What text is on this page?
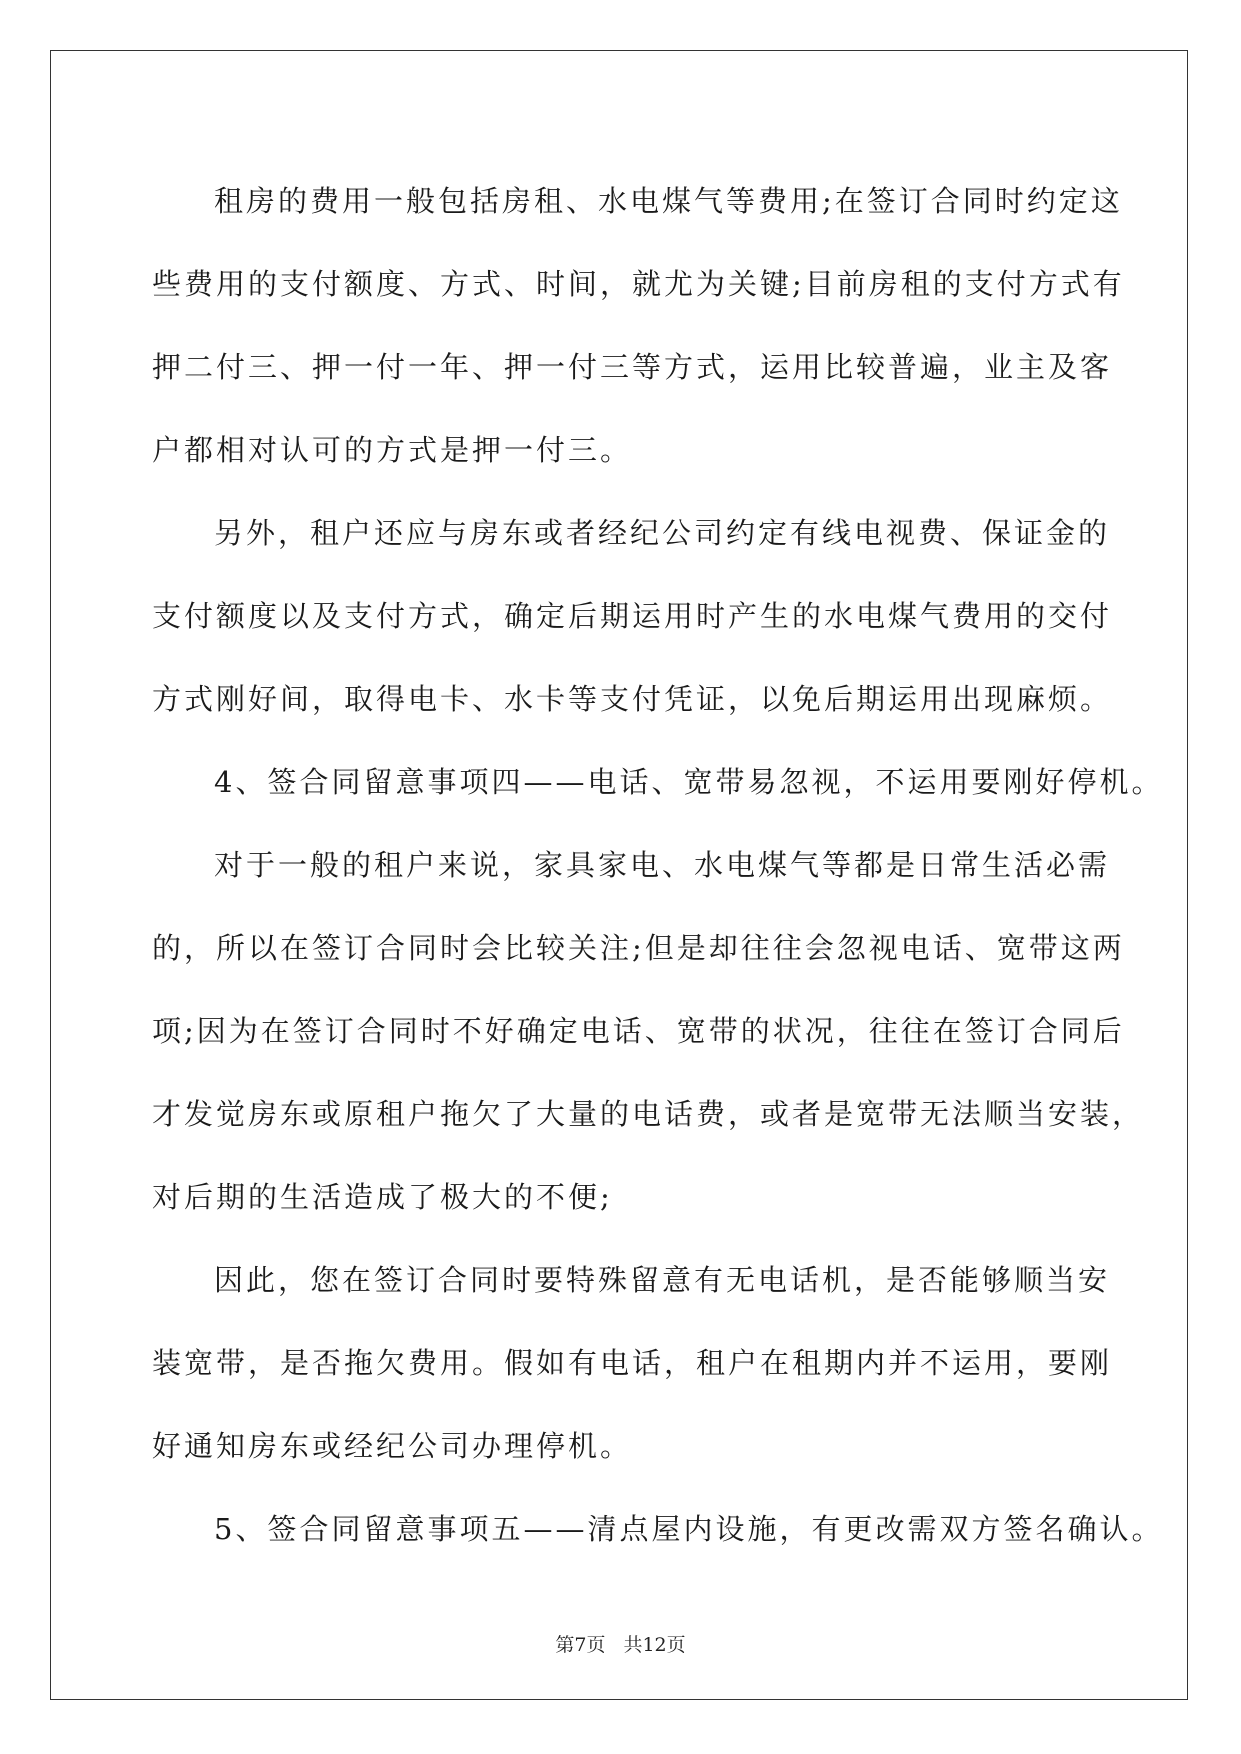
租房的费用一般包括房租、水电煤气等费用;在签订合同时约定这
些费用的支付额度、方式、时间，就尤为关键;目前房租的支付方式有
押二付三、押一付一年、押一付三等方式，运用比较普遍，业主及客
户都相对认可的方式是押一付三。

另外，租户还应与房东或者经纪公司约定有线电视费、保证金的
支付额度以及支付方式，确定后期运用时产生的水电煤气费用的交付
方式刚好间，取得电卡、水卡等支付凭证，以免后期运用出现麻烦。

4、签合同留意事项四——电话、宽带易忽视，不运用要刚好停机。

对于一般的租户来说，家具家电、水电煤气等都是日常生活必需
的，所以在签订合同时会比较关注;但是却往往会忽视电话、宽带这两
项;因为在签订合同时不好确定电话、宽带的状况，往往在签订合同后
才发觉房东或原租户拖欠了大量的电话费，或者是宽带无法顺当安装，
对后期的生活造成了极大的不便;

因此，您在签订合同时要特殊留意有无电话机，是否能够顺当安
装宽带，是否拖欠费用。假如有电话，租户在租期内并不运用，要刚
好通知房东或经纪公司办理停机。

5、签合同留意事项五——清点屋内设施，有更改需双方签名确认。

第7页 共12页
